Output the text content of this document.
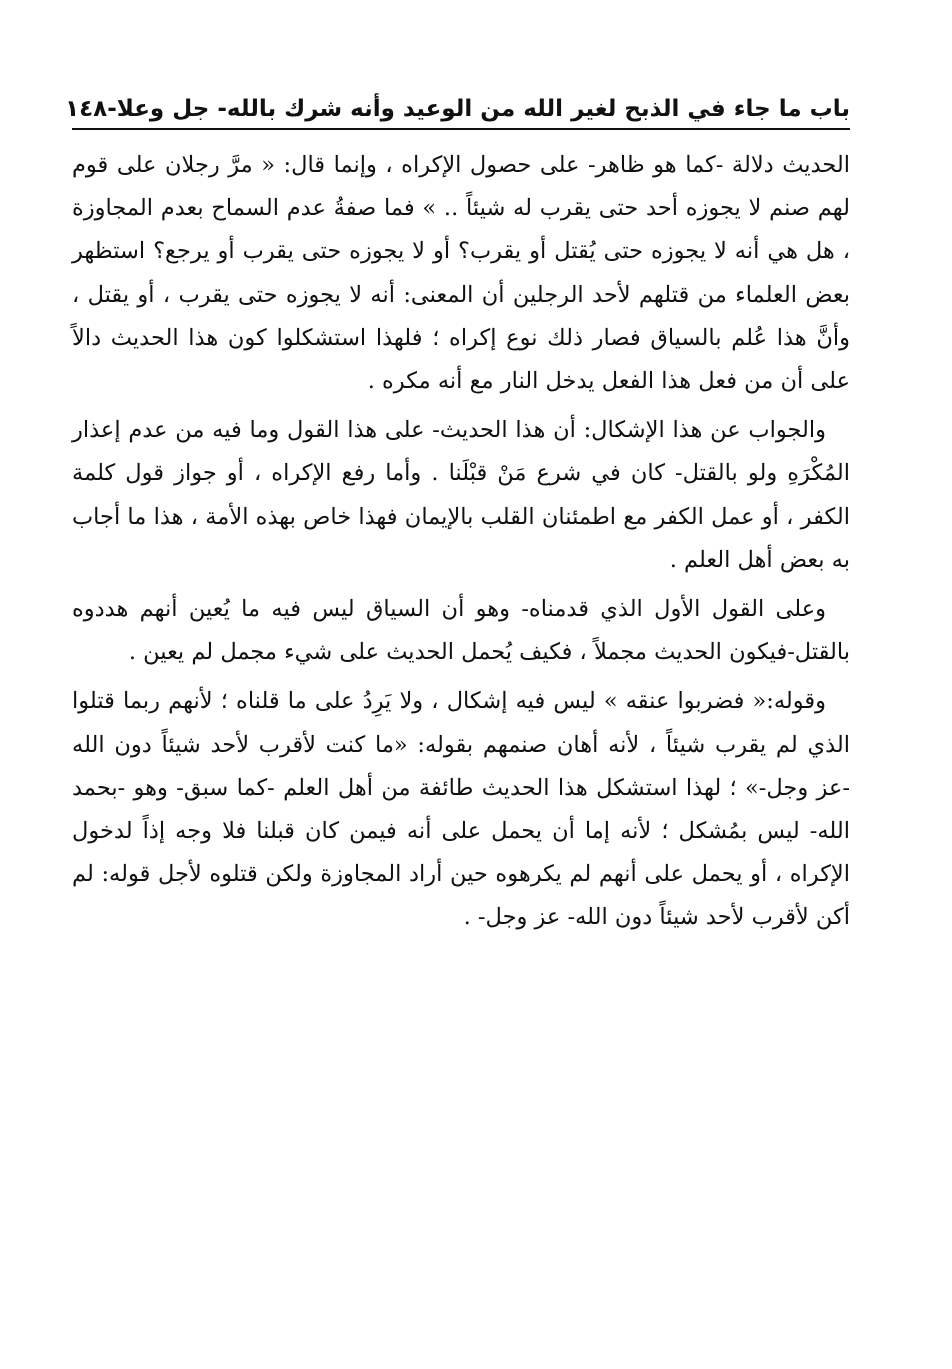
باب ما جاء في الذبح لغير الله من الوعيد وأنه شرك بالله- جل وعلا-
١٤٨

الحديث دلالة -كما هو ظاهر- على حصول الإكراه ، وإنما قال: « مرَّ رجلان على قوم لهم صنم لا يجوزه أحد حتى يقرب له شيئاً .. » فما صفةُ عدم السماح بعدم المجاوزة ، هل هي أنه لا يجوزه حتى يُقتل أو يقرب؟ أو لا يجوزه حتى يقرب أو يرجع؟ استظهر بعض العلماء من قتلهم لأحد الرجلين أن المعنى: أنه لا يجوزه حتى يقرب ، أو يقتل ، وأنَّ هذا عُلم بالسياق فصار ذلك نوع إكراه ؛ فلهذا استشكلوا كون هذا الحديث دالاً على أن من فعل هذا الفعل يدخل النار مع أنه مكره .

والجواب عن هذا الإشكال: أن هذا الحديث- على هذا القول وما فيه من عدم إعذار المُكْرَهِ ولو بالقتل- كان في شرع مَنْ قبْلَنا . وأما رفع الإكراه ، أو جواز قول كلمة الكفر ، أو عمل الكفر مع اطمئنان القلب بالإيمان فهذا خاص بهذه الأمة ، هذا ما أجاب به بعض أهل العلم .

وعلى القول الأول الذي قدمناه- وهو أن السياق ليس فيه ما يُعين أنهم هددوه بالقتل-فيكون الحديث مجملاً ، فكيف يُحمل الحديث على شيء مجمل لم يعين .

وقوله:« فضربوا عنقه » ليس فيه إشكال ، ولا يَرِدُ على ما قلناه ؛ لأنهم ربما قتلوا الذي لم يقرب شيئاً ، لأنه أهان صنمهم بقوله: «ما كنت لأقرب لأحد شيئاً دون الله -عز وجل-» ؛ لهذا استشكل هذا الحديث طائفة من أهل العلم -كما سبق- وهو -بحمد الله- ليس بمُشكل ؛ لأنه إما أن يحمل على أنه فيمن كان قبلنا فلا وجه إذاً لدخول الإكراه ، أو يحمل على أنهم لم يكرهوه حين أراد المجاوزة ولكن قتلوه لأجل قوله: لم أكن لأقرب لأحد شيئاً دون الله- عز وجل- .
